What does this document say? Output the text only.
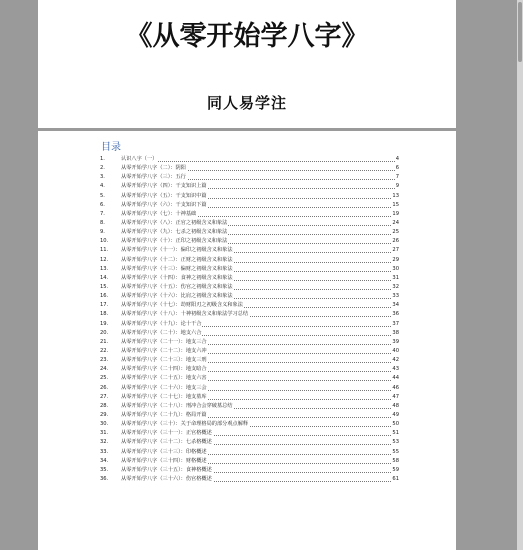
《从零开始学八字》
同人易学注
目录
1.	认识八字（一）	4
2.	从零开始学八字（二）：阴阳	6
3.	从零开始学八字（三）：五行	7
4.	从零开始学八字（四）：干支知识上篇	9
5.	从零开始学八字（五）：干支知识中篇	13
6.	从零开始学八字（六）：干支知识下篇	15
7.	从零开始学八字（七）：十神基础	19
8.	从零开始学八字（八）：正官之初级含义和象法	24
9.	从零开始学八字（九）：七杀之初级含义和象法	25
10. 从零开始学八字（十）：正印之初级含义和象法	26
11. 从零开始学八字（十一）：偏印之初级含义和象法	27
12. 从零开始学八字（十二）：正财之初级含义和象法	29
13. 从零开始学八字（十三）：偏财之初级含义和象法	30
14. 从零开始学八字（十四）：食神之初级含义和象法	31
15. 从零开始学八字（十五）：伤官之初级含义和象法	32
16. 从零开始学八字（十六）：比肩之初级含义和象法	33
17. 从零开始学八字（十七）：劫财阳刃之初级含义和象法	34
18. 从零开始学八字（十八）：十神初级含义和象法学习总结	36
19. 从零开始学八字（十九）：论十干合	37
20. 从零开始学八字（二十）：地支六合	38
21. 从零开始学八字（二十一）：地支三合	39
22. 从零开始学八字（二十二）：地支六冲	40
23. 从零开始学八字（二十三）：地支三刑	42
24. 从零开始学八字（二十四）：地支暗合	43
25. 从零开始学八字（二十五）：地支六害	44
26. 从零开始学八字（二十六）：地支三会	46
27. 从零开始学八字（二十七）：地支墓库	47
28. 从零开始学八字（二十八）：刑冲合会穿破墓总结	48
29. 从零开始学八字（二十九）：格局开篇	49
30. 从零开始学八字（三十）：关于命理格局的部分观点解释	50
31. 从零开始学八字（三十一）：正官格概述	51
32. 从零开始学八字（三十二）：七杀格概述	53
33. 从零开始学八字（三十三）：印格概述	55
34. 从零开始学八字（三十四）：财格概述	58
35. 从零开始学八字（三十五）：食神格概述	59
36. 从零开始学八字（三十六）：伤官格概述	61
